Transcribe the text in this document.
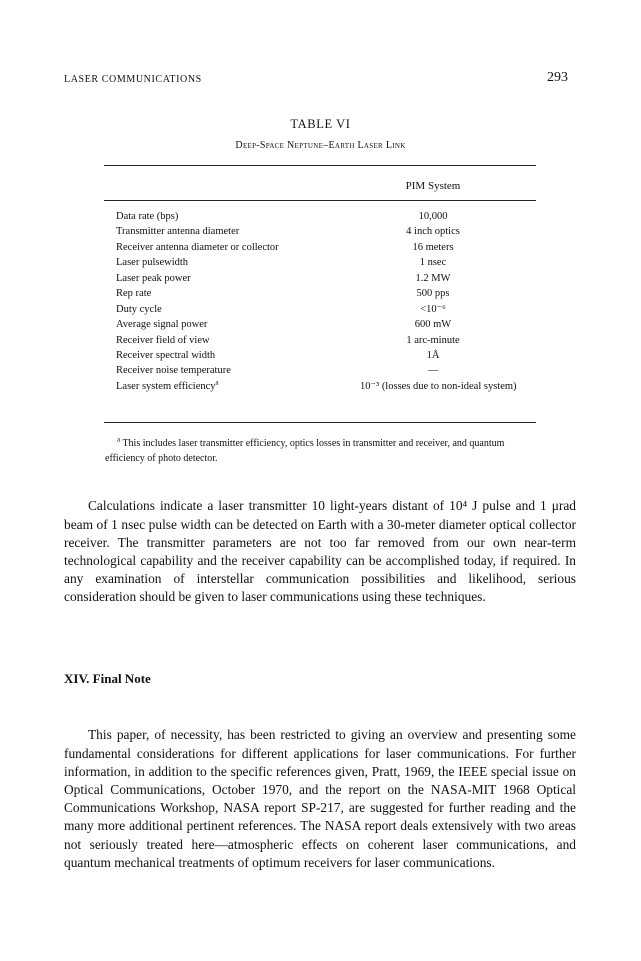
LASER COMMUNICATIONS	293
TABLE VI
Deep-Space Neptune–Earth Laser Link
PIM System
Data rate (bps)	10,000
Transmitter antenna diameter	4 inch optics
Receiver antenna diameter or collector	16 meters
Laser pulsewidth	1 nsec
Laser peak power	1.2 MW
Rep rate	500 pps
Duty cycle	<10⁻⁶
Average signal power	600 mW
Receiver field of view	1 arc-minute
Receiver spectral width	1Å
Receiver noise temperature	—
Laser system efficiency$^a$	10⁻³ (losses due to non-ideal system)
$^a$ This includes laser transmitter efficiency, optics losses in transmitter and receiver, and quantum efficiency of photo detector.

Calculations indicate a laser transmitter 10 light-years distant of 10⁴ J pulse and 1 μrad beam of 1 nsec pulse width can be detected on Earth with a 30-meter diameter optical collector receiver. The transmitter parameters are not too far removed from our own near-term technological capability and the receiver capability can be accomplished today, if required. In any examination of interstellar communication possibilities and likelihood, serious consideration should be given to laser communications using these techniques.

XIV. Final Note

This paper, of necessity, has been restricted to giving an overview and presenting some fundamental considerations for different applications for laser communications. For further information, in addition to the specific references given, Pratt, 1969, the IEEE special issue on Optical Communications, October 1970, and the report on the NASA-MIT 1968 Optical Communications Workshop, NASA report SP-217, are suggested for further reading and the many more additional pertinent references. The NASA report deals extensively with two areas not seriously treated here—atmospheric effects on coherent laser communications, and quantum mechanical treatments of optimum receivers for laser communications.
